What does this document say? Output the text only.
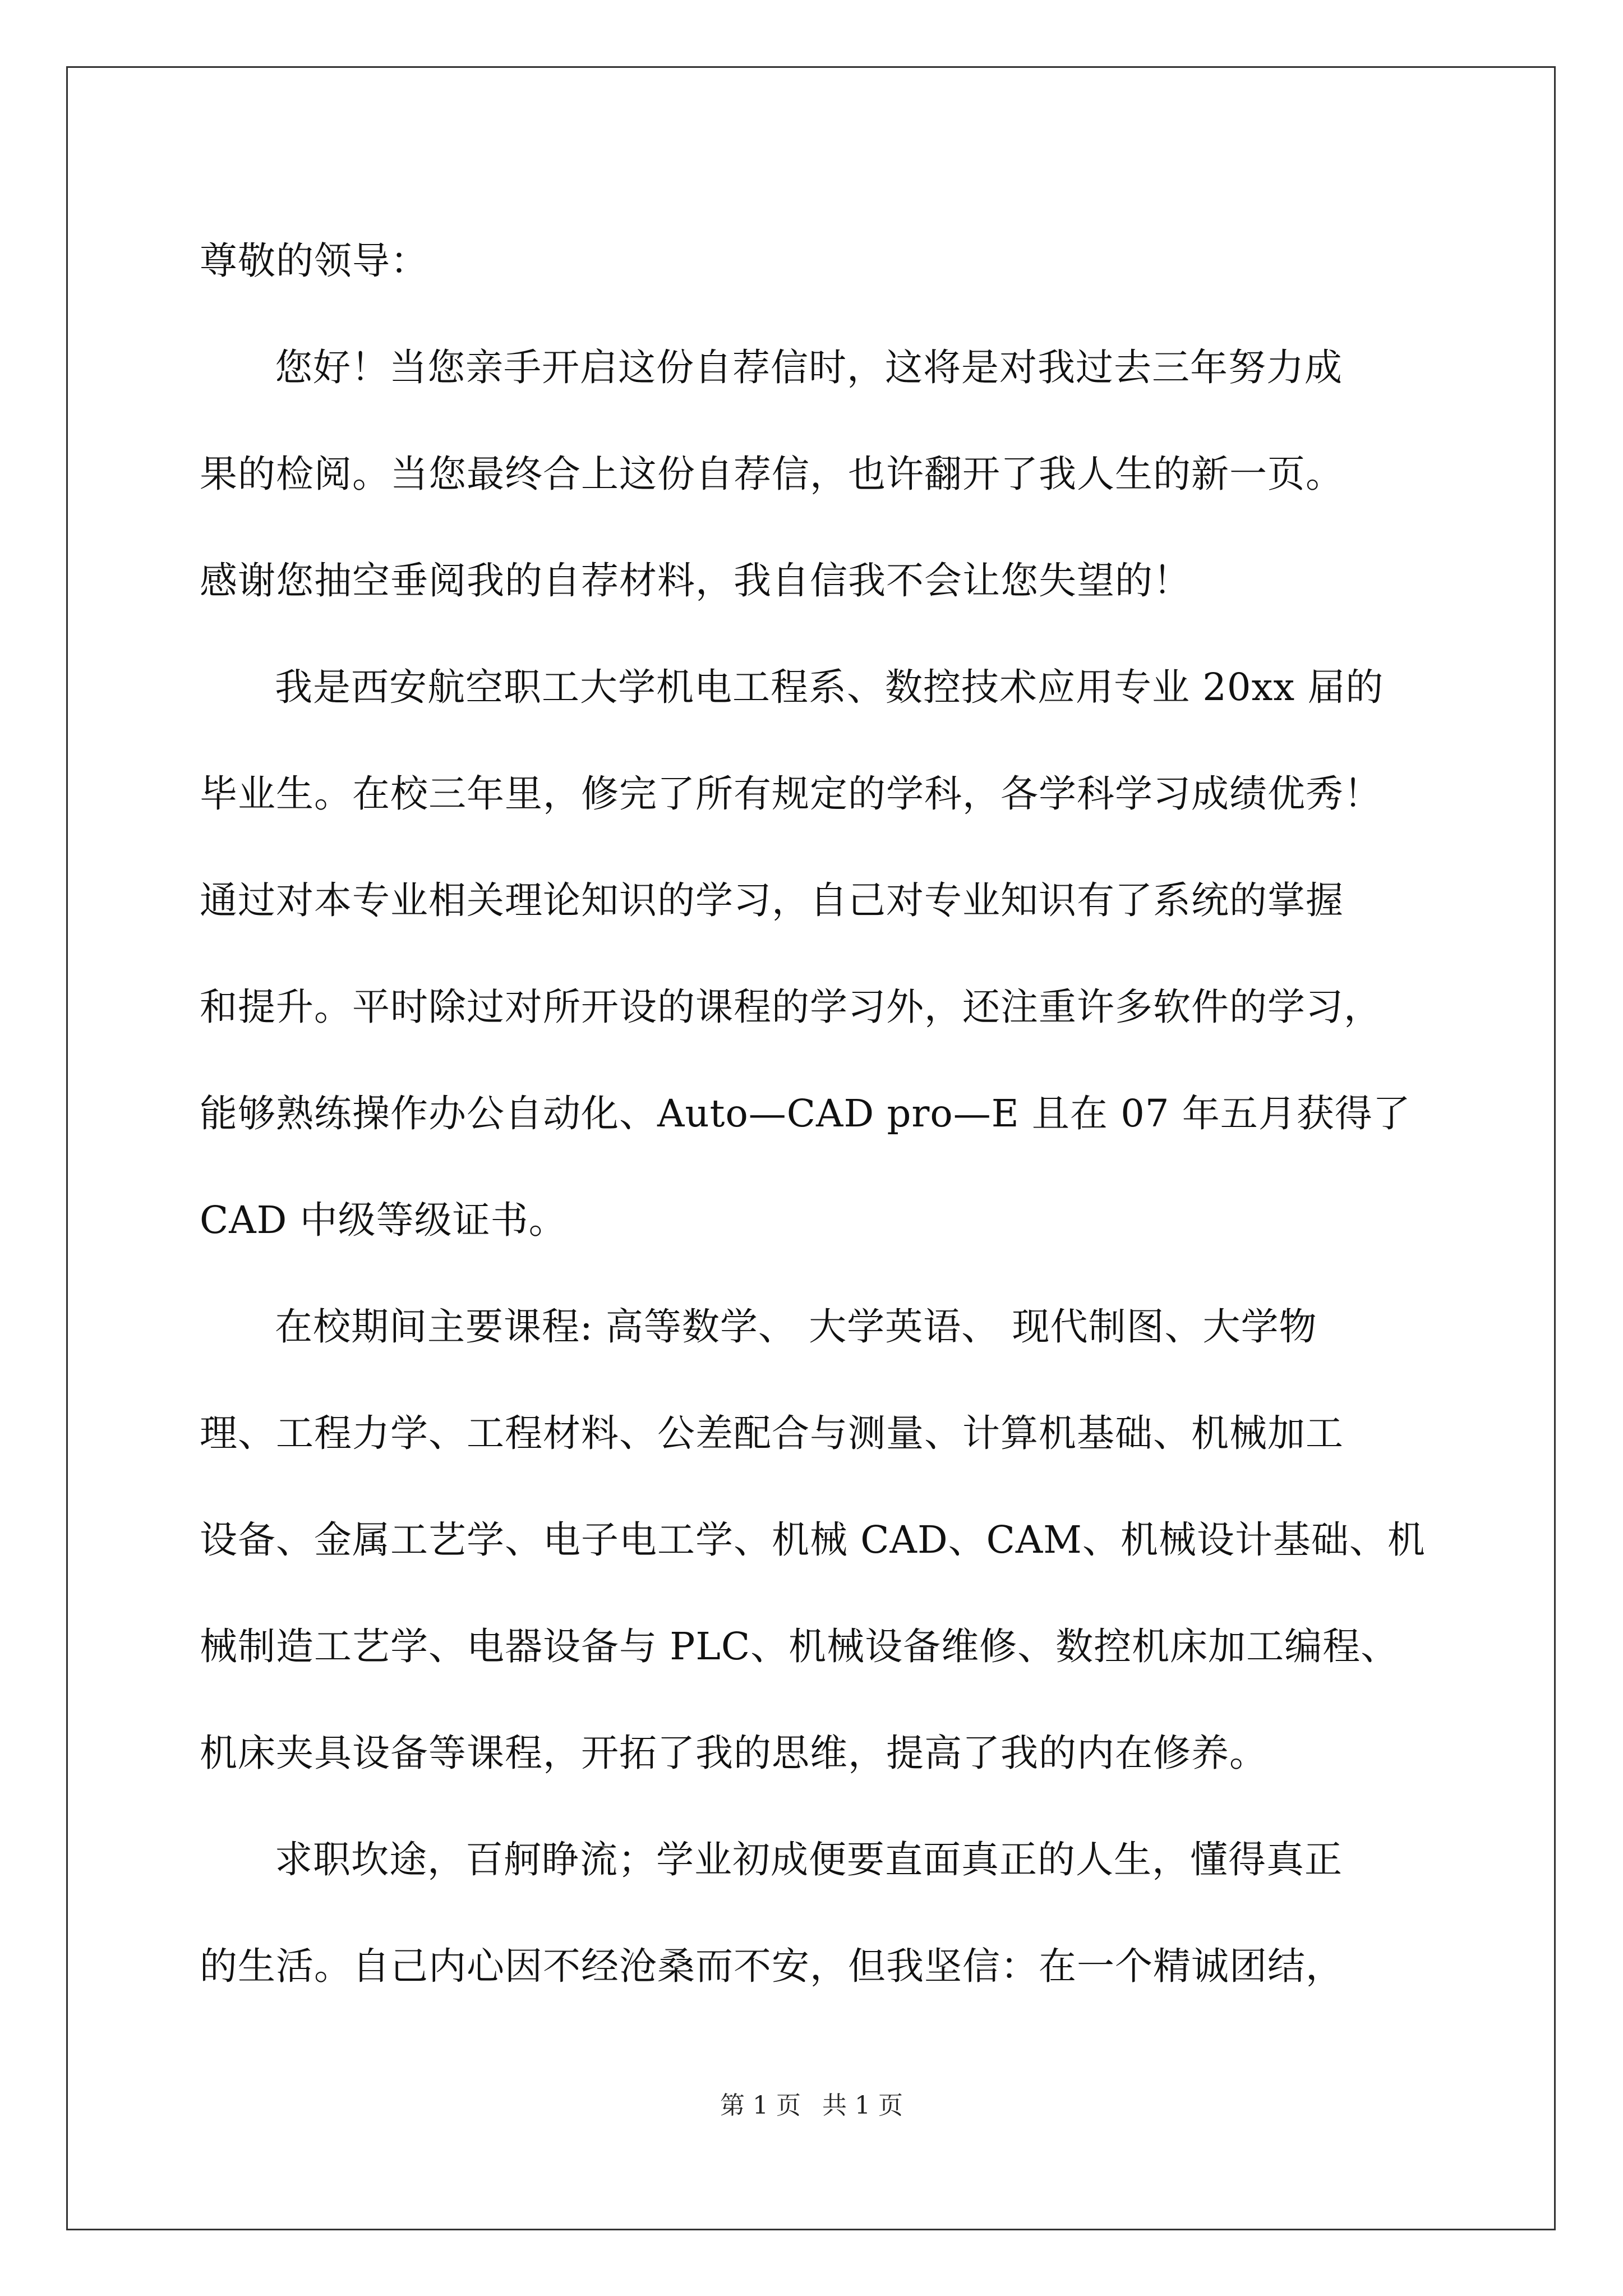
尊敬的领导：

您好！当您亲手开启这份自荐信时，这将是对我过去三年努力成

果的检阅。当您最终合上这份自荐信，也许翻开了我人生的新一页。

感谢您抽空垂阅我的自荐材料，我自信我不会让您失望的！

我是西安航空职工大学机电工程系、数控技术应用专业 20xx 届的

毕业生。在校三年里，修完了所有规定的学科，各学科学习成绩优秀！

通过对本专业相关理论知识的学习，自己对专业知识有了系统的掌握

和提升。平时除过对所开设的课程的学习外，还注重许多软件的学习，

能够熟练操作办公自动化、Auto—CAD pro—E 且在 07 年五月获得了

CAD 中级等级证书。

在校期间主要课程: 高等数学、 大学英语、 现代制图、大学物

理、工程力学、工程材料、公差配合与测量、计算机基础、机械加工

设备、金属工艺学、电子电工学、机械 CAD、CAM、机械设计基础、机

械制造工艺学、电器设备与 PLC、机械设备维修、数控机床加工编程、

机床夹具设备等课程，开拓了我的思维，提高了我的内在修养。

求职坎途，百舸睁流；学业初成便要直面真正的人生，懂得真正

的生活。自己内心因不经沧桑而不安，但我坚信：在一个精诚团结，

第 1 页 共 1 页
